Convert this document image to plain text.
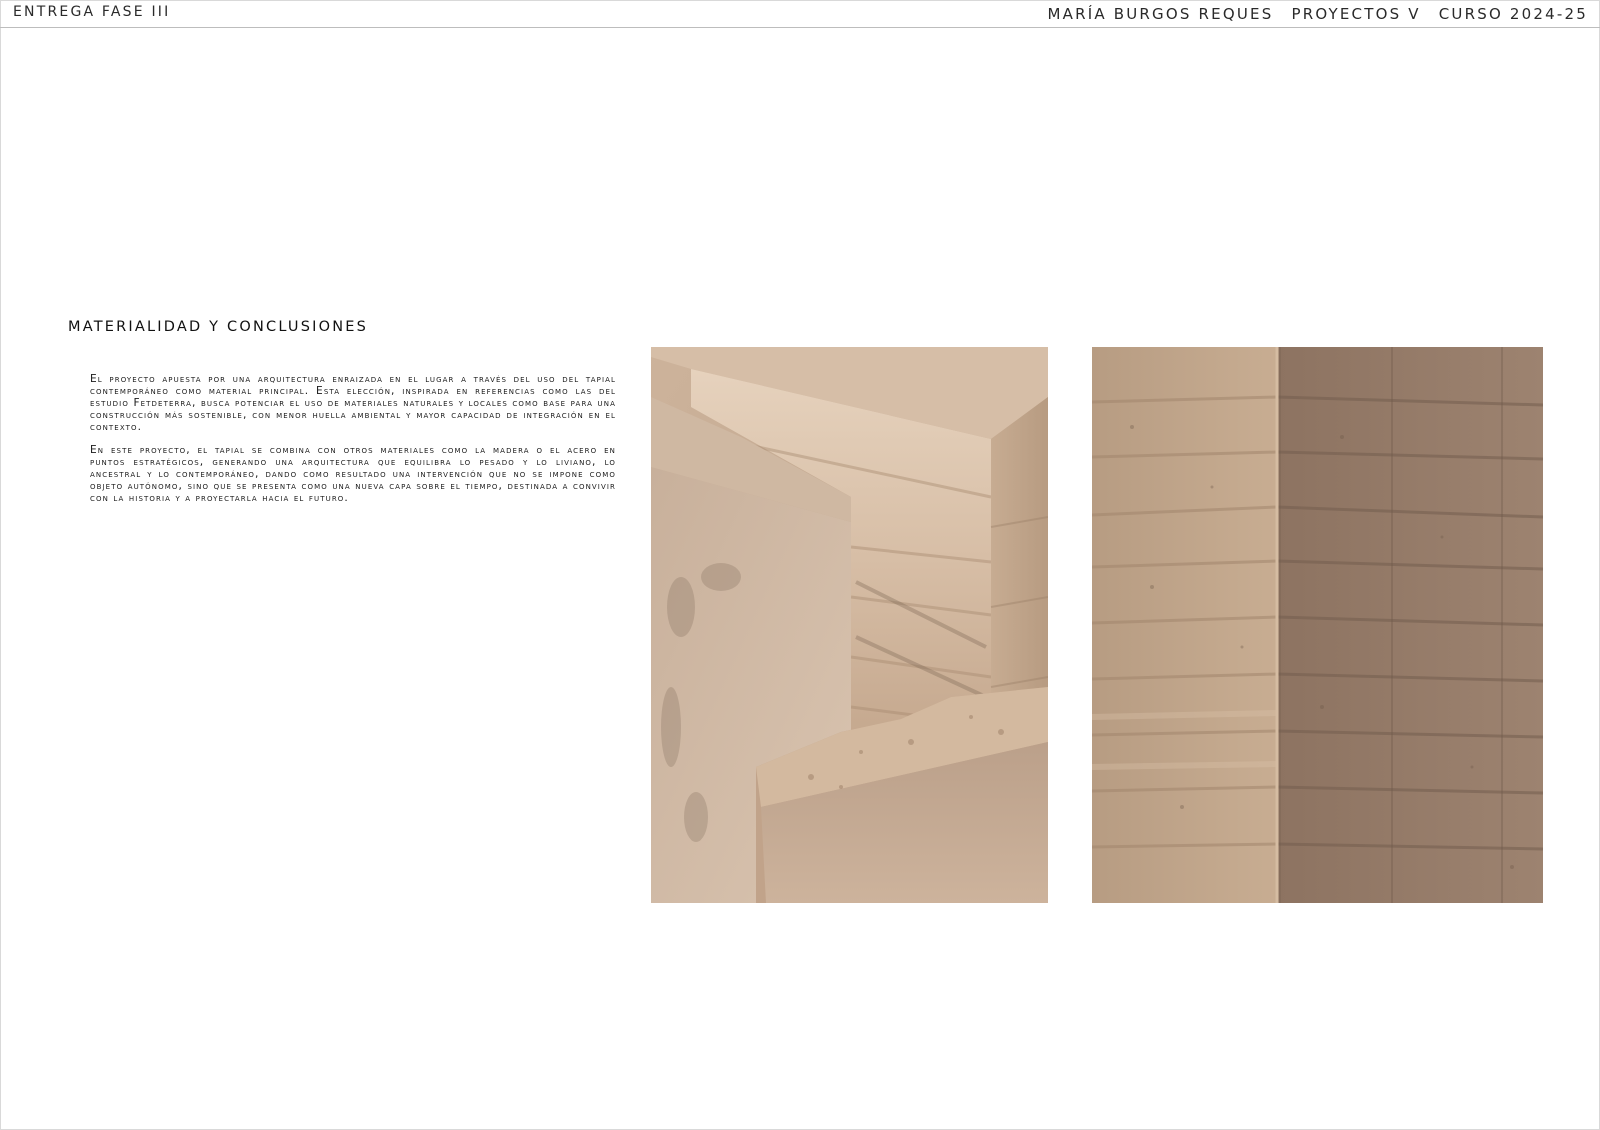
ENTREGA FASE III	MARÍA BURGOS REQUES PROYECTOS V CURSO 2024-25
MATERIALIDAD Y CONCLUSIONES

El proyecto apuesta por una arquitectura enraizada en el lugar a través del uso del tapial contemporáneo como material principal. Esta elección, inspirada en referencias como las del estudio Fetdeterra, busca potenciar el uso de materiales naturales y locales como base para una construcción más sostenible, con menor huella ambiental y mayor capacidad de integración en el contexto.

En este proyecto, el tapial se combina con otros materiales como la madera o el acero en puntos estratégicos, generando una arquitectura que equilibra lo pesado y lo liviano, lo ancestral y lo contemporáneo, dando como resultado una intervención que no se impone como objeto autónomo, sino que se presenta como una nueva capa sobre el tiempo, destinada a convivir con la historia y a proyectarla hacia el futuro.
